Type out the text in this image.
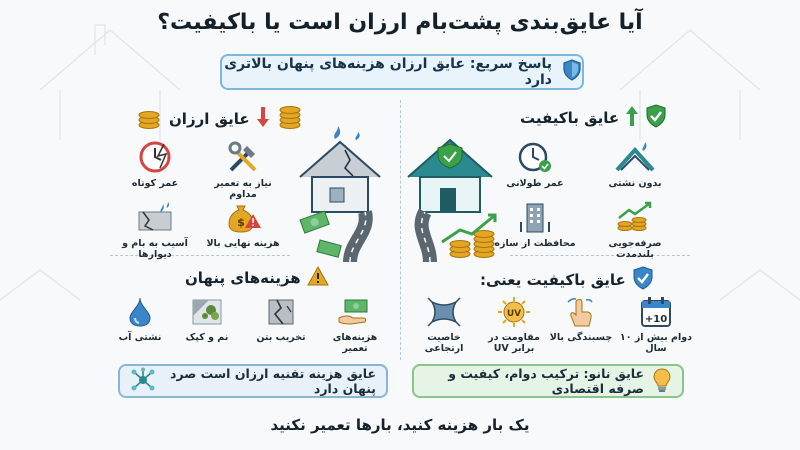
آیا عایق‌بندی پشت‌بام ارزان است یا باکیفیت؟
پاسخ سریع: عایق ارزان هزینه‌های پنهان بالاتری دارد
عایق ارزان
عمر کوتاه	نیاز به تعمیر مداوم
آسیب به بام و دیوارها
$
هزینه نهایی بالا
عایق باکیفیت
عمر طولانی	بدون نشتی
محافظت از سازه	صرفه‌جویی بلندمدت
هزینه‌های پنهان
هزینه‌های تعمیر
تخریب بتن
نم و کپک
نشتی آب
عایق باکیفیت یعنی:
10+
دوام بیش از ۱۰ سال
چسبندگی بالا
UV
مقاومت در برابر UV
خاصیت ارتجاعی
عایق هزینه تفنیه ارزان است صرد پنهان دارد
عایق نانو: ترکیب دوام، کیفیت و صرفه اقتصادی
یک بار هزینه کنید، بارها تعمیر نکنید
